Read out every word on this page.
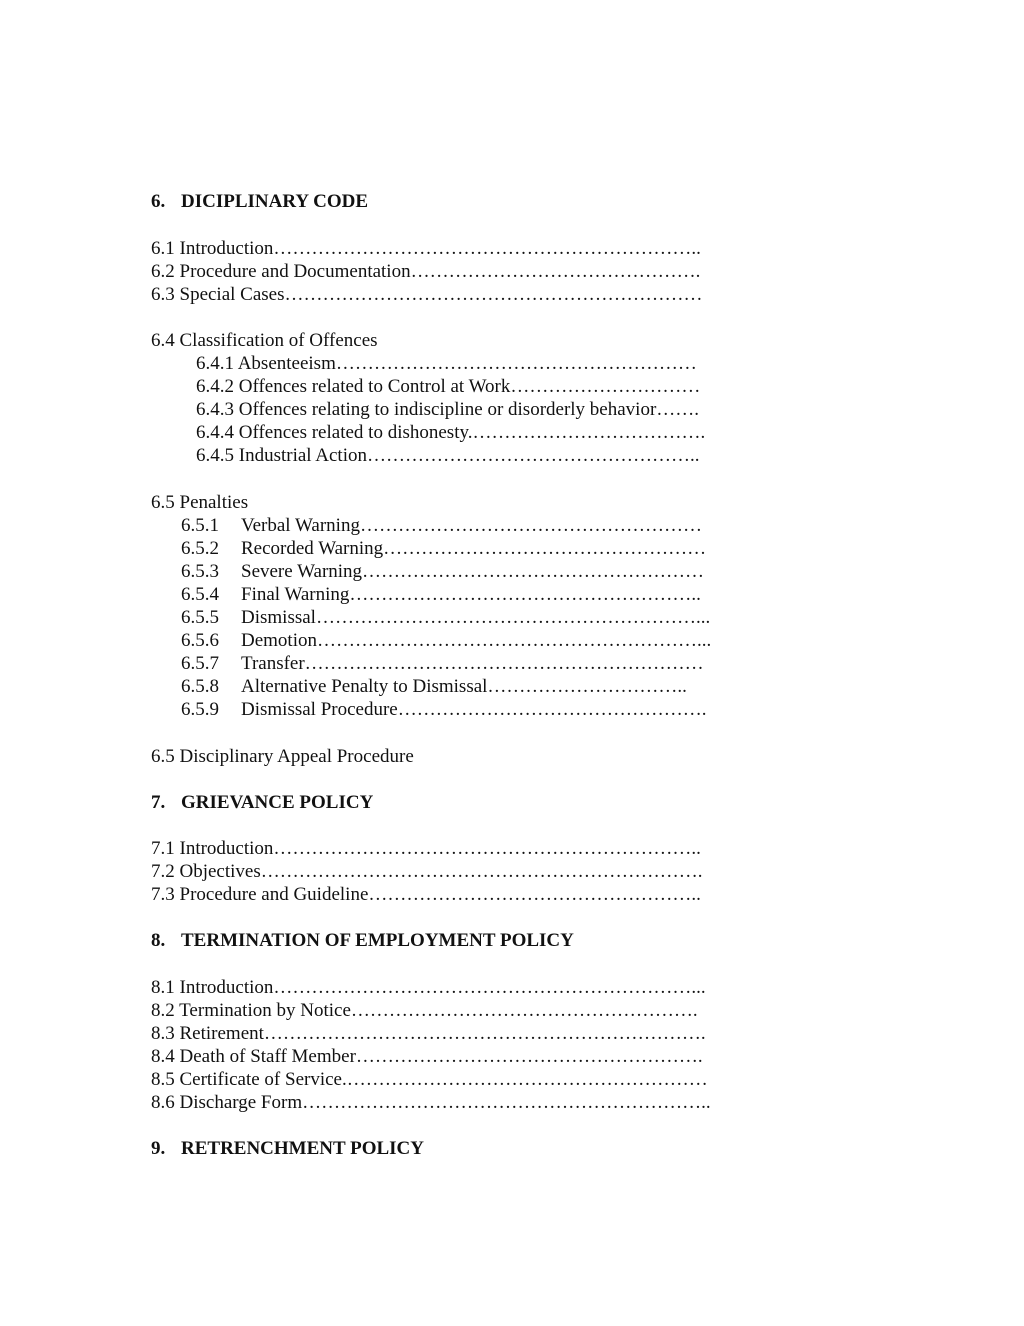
6. DICIPLINARY CODE
6.1 Introduction…………………………………………………………..
6.2 Procedure and Documentation……………………………………….
6.3 Special Cases…………………………………………………………
6.4 Classification of Offences
6.4.1 Absenteeism…………………………………………………
6.4.2 Offences related to Control at Work…………………………
6.4.3 Offences relating to indiscipline or disorderly behavior…….
6.4.4 Offences related to dishonesty.……………………………….
6.4.5 Industrial Action……………………………………………..
6.5 Penalties
6.5.1 Verbal Warning………………………………………………
6.5.2 Recorded Warning……………………………………………
6.5.3 Severe Warning………………………………………………
6.5.4 Final Warning………………………………………………..
6.5.5 Dismissal……………………………………………………...
6.5.6 Demotion……………………………………………………...
6.5.7 Transfer………………………………………………………
6.5.8 Alternative Penalty to Dismissal…………………………..
6.5.9 Dismissal Procedure………………………………………….
6.5 Disciplinary Appeal Procedure
7. GRIEVANCE POLICY
7.1 Introduction…………………………………………………………..
7.2 Objectives…………………………………………………………….
7.3 Procedure and Guideline……………………………………………..
8. TERMINATION OF EMPLOYMENT POLICY
8.1 Introduction…………………………………………………………...
8.2 Termination by Notice……………………………………………….
8.3 Retirement…………………………………………………………….
8.4 Death of Staff Member……………………………………………….
8.5 Certificate of Service.…………………………………………………
8.6 Discharge Form………………………………………………………..
9. RETRENCHMENT POLICY
